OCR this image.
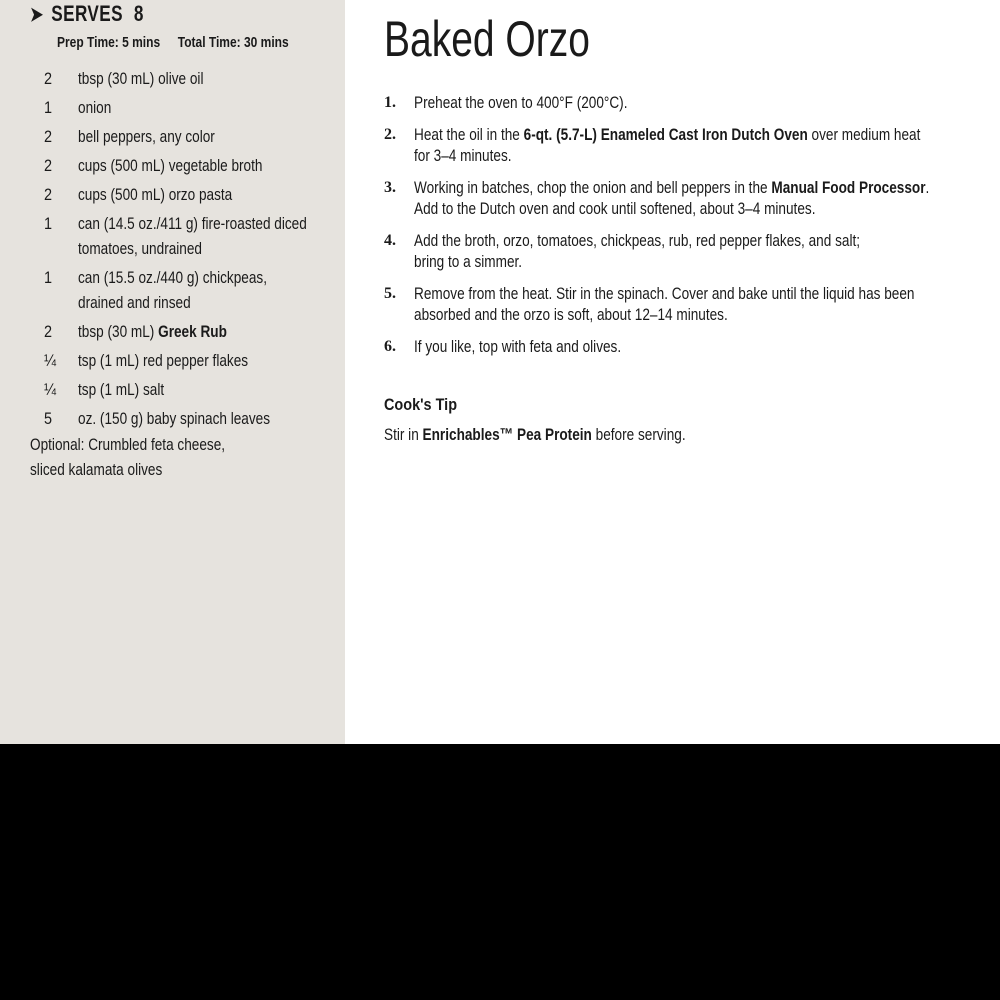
➤ SERVES 8
Prep Time: 5 mins Total Time: 30 mins
2	tbsp (30 mL) olive oil
1	onion
2	bell peppers, any color
2	cups (500 mL) vegetable broth
2	cups (500 mL) orzo pasta
1	can (14.5 oz./411 g) fire-roasted diced
tomatoes, undrained
1	can (15.5 oz./440 g) chickpeas,
drained and rinsed
2	tbsp (30 mL) Greek Rub
¼ tsp (1 mL) red pepper flakes
¼ tsp (1 mL) salt
5	oz. (150 g) baby spinach leaves
Optional: Crumbled feta cheese,
sliced kalamata olives
Baked Orzo
1. Preheat the oven to 400°F (200°C).
2. Heat the oil in the 6-qt. (5.7-L) Enameled Cast Iron Dutch Oven over medium heat
for 3–4 minutes.
3. Working in batches, chop the onion and bell peppers in the Manual Food Processor.
Add to the Dutch oven and cook until softened, about 3–4 minutes.
4. Add the broth, orzo, tomatoes, chickpeas, rub, red pepper flakes, and salt;
bring to a simmer.
5. Remove from the heat. Stir in the spinach. Cover and bake until the liquid has been
absorbed and the orzo is soft, about 12–14 minutes.
6. If you like, top with feta and olives.
Cook's Tip
Stir in Enrichables™ Pea Protein before serving.
